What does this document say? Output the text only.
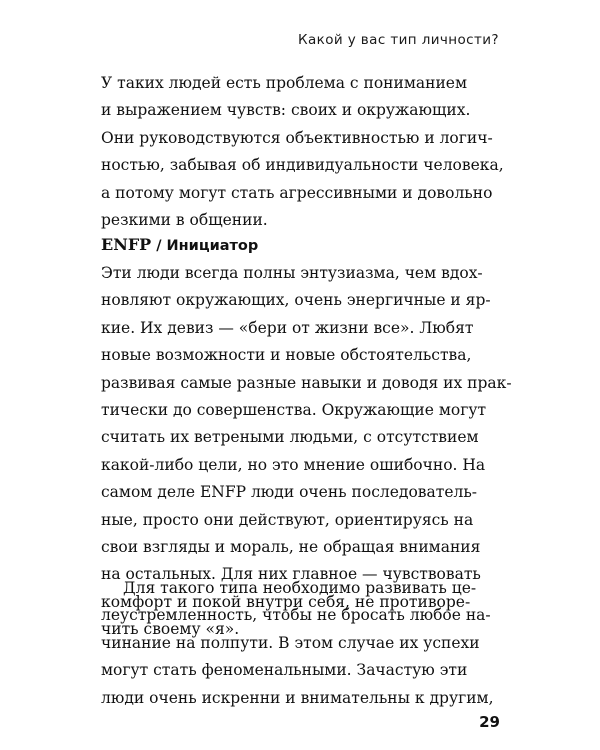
Какой у вас тип личности?
У таких людей есть проблема с пониманием
и выражением чувств: своих и окружающих.
Они руководствуются объективностью и логич-
ностью, забывая об индивидуальности человека,
а потому могут стать агрессивными и довольно
резкими в общении.
ENFP / Инициатор
Эти люди всегда полны энтузиазма, чем вдох-
новляют окружающих, очень энергичные и яр-
кие. Их девиз — «бери от жизни все». Любят
новые возможности и новые обстоятельства,
развивая самые разные навыки и доводя их прак-
тически до совершенства. Окружающие могут
считать их ветреными людьми, с отсутствием
какой-либо цели, но это мнение ошибочно. На
самом деле ENFP люди очень последователь-
ные, просто они действуют, ориентируясь на
свои взгляды и мораль, не обращая внимания
на остальных. Для них главное — чувствовать
комфорт и покой внутри себя, не противоре-
чить своему «я».
Для такого типа необходимо развивать це-
леустремленность, чтобы не бросать любое на-
чинание на полпути. В этом случае их успехи
могут стать феноменальными. Зачастую эти
люди очень искренни и внимательны к другим,
29
